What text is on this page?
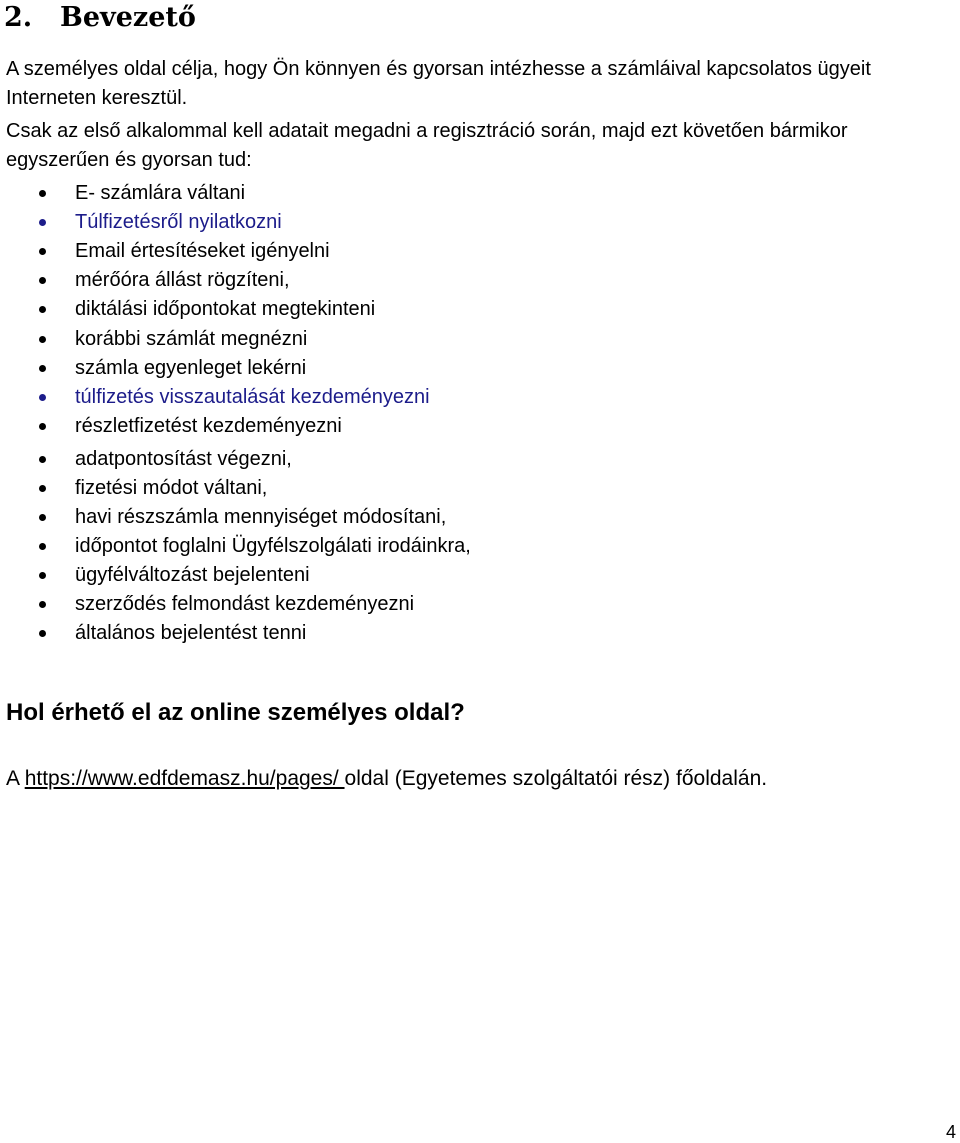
2. Bevezető

A személyes oldal célja, hogy Ön könnyen és gyorsan intézhesse a számláival kapcsolatos ügyeit Interneten keresztül.

Csak az első alkalommal kell adatait megadni a regisztráció során, majd ezt követően bármikor egyszerűen és gyorsan tud:

E- számlára váltani
Túlfizetésről nyilatkozni
Email értesítéseket igényelni
mérőóra állást rögzíteni,
diktálási időpontokat megtekinteni
korábbi számlát megnézni
számla egyenleget lekérni
túlfizetés visszautalását kezdeményezni
részletfizetést kezdeményezni
adatpontosítást végezni,
fizetési módot váltani,
havi részszámla mennyiséget módosítani,
időpontot foglalni Ügyfélszolgálati irodáinkra,
ügyfélváltozást bejelenteni
szerződés felmondást kezdeményezni
általános bejelentést tenni
Hol érhető el az online személyes oldal?

A https://www.edfdemasz.hu/pages/ oldal (Egyetemes szolgáltatói rész) főoldalán.

4
